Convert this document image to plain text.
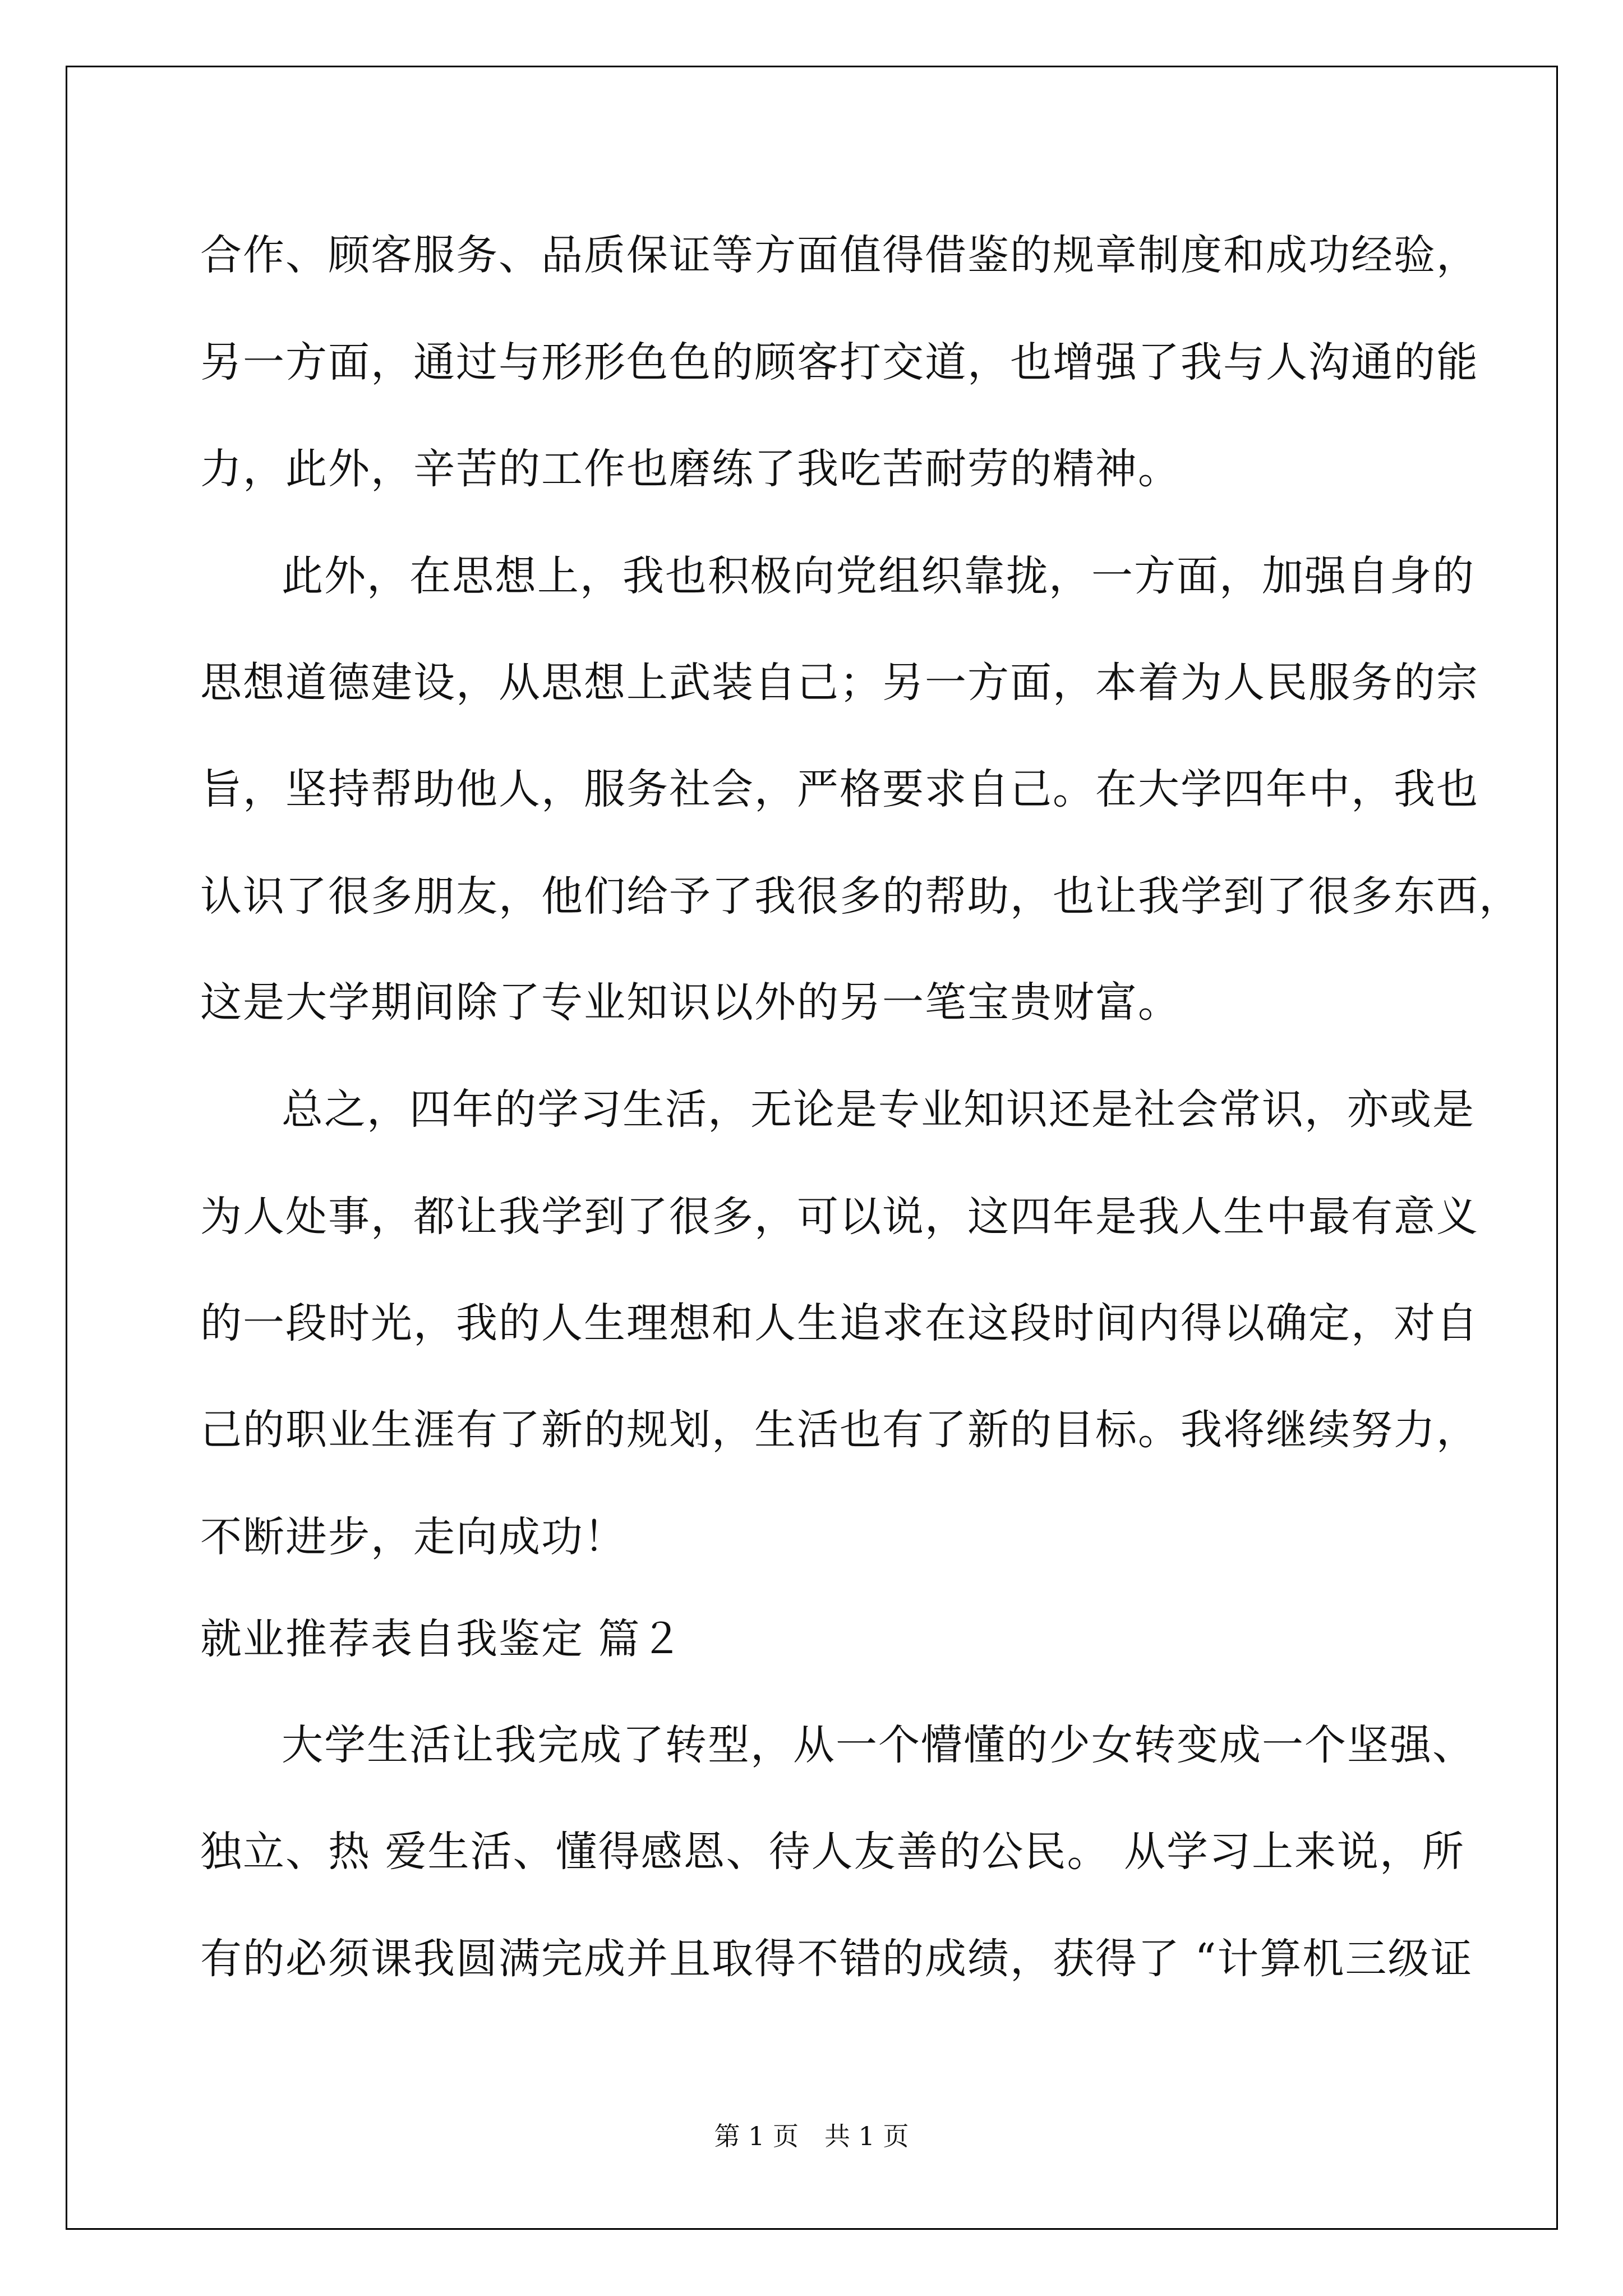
合作、顾客服务、品质保证等方面值得借鉴的规章制度和成功经验，
另一方面，通过与形形色色的顾客打交道，也增强了我与人沟通的能
力，此外，辛苦的工作也磨练了我吃苦耐劳的精神。
此外，在思想上，我也积极向党组织靠拢，一方面，加强自身的
思想道德建设，从思想上武装自己；另一方面，本着为人民服务的宗
旨，坚持帮助他人，服务社会，严格要求自己。在大学四年中，我也
认识了很多朋友，他们给予了我很多的帮助，也让我学到了很多东西，
这是大学期间除了专业知识以外的另一笔宝贵财富。
总之，四年的学习生活，无论是专业知识还是社会常识，亦或是
为人处事，都让我学到了很多，可以说，这四年是我人生中最有意义
的一段时光，我的人生理想和人生追求在这段时间内得以确定，对自
己的职业生涯有了新的规划，生活也有了新的目标。我将继续努力，
不断进步，走向成功！
就业推荐表自我鉴定 篇２
大学生活让我完成了转型，从一个懵懂的少女转变成一个坚强、
独立、热 爱生活、懂得感恩、待人友善的公民。 从学习上来说，所
有的必须课我圆满完成并且取得不错的成绩，获得了 “计算机三级证
第 1 页　共 1 页
